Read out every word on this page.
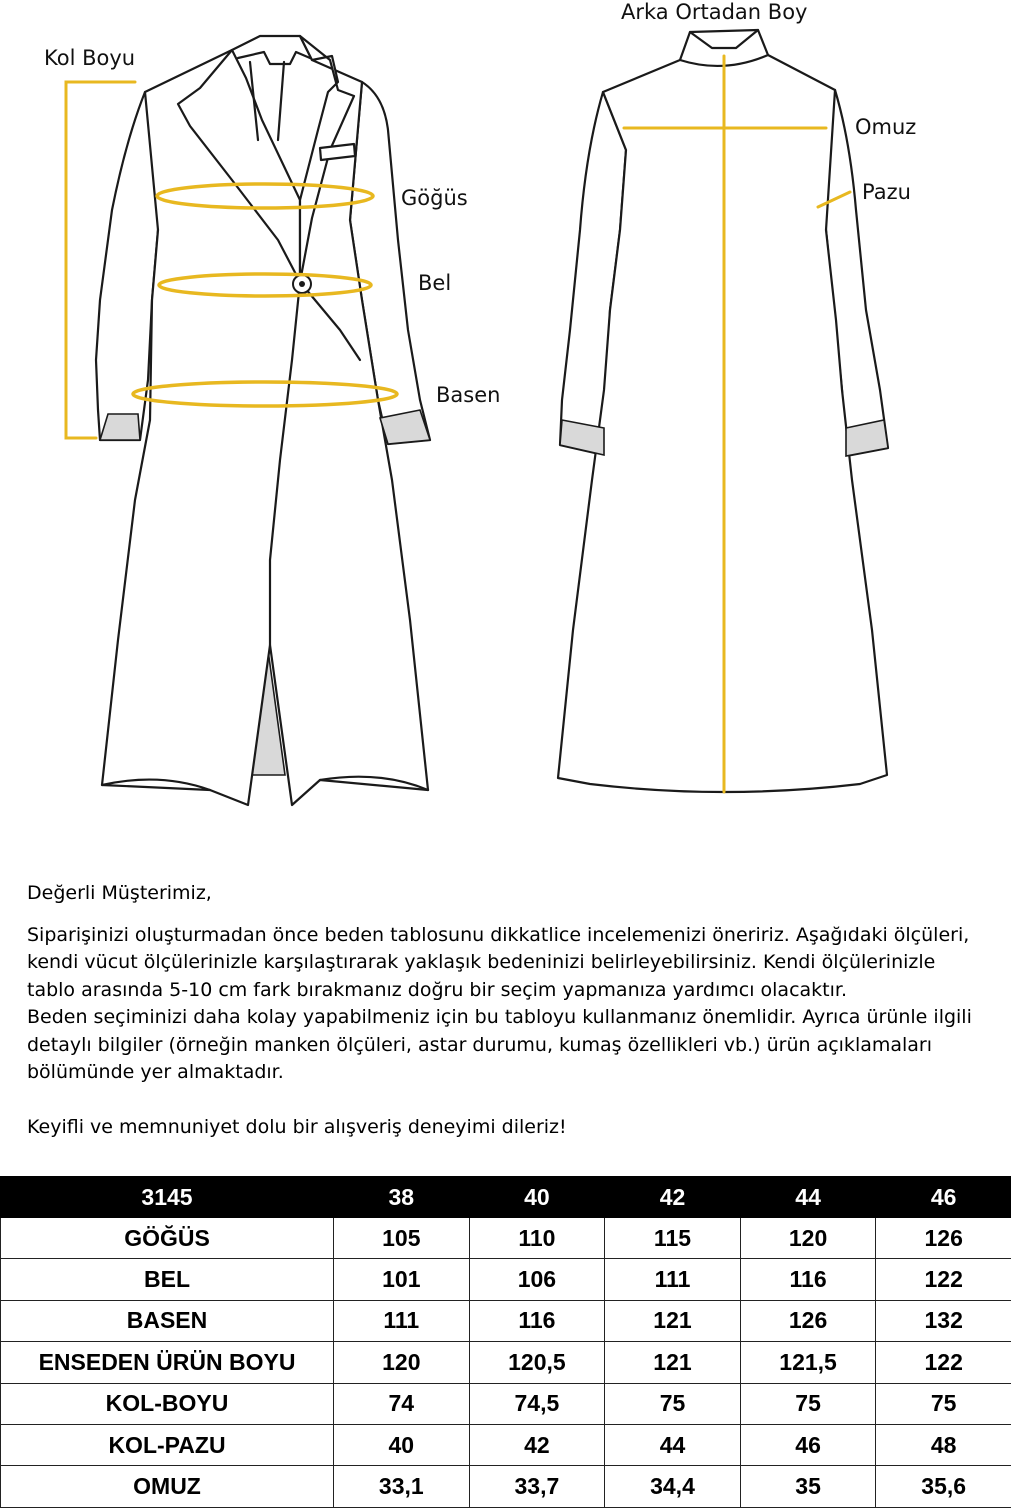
Kol Boyu
Göğüs
Bel
Basen
Arka Ortadan Boy
Omuz
Pazu

Değerli Müşterimiz,

Siparişinizi oluşturmadan önce beden tablosunu dikkatlice incelemenizi öneririz. Aşağıdaki ölçüleri, kendi vücut ölçülerinizle karşılaştırarak yaklaşık bedeninizi belirleyebilirsiniz. Kendi ölçülerinizle tablo arasında 5-10 cm fark bırakmanız doğru bir seçim yapmanıza yardımcı olacaktır.

Beden seçiminizi daha kolay yapabilmeniz için bu tabloyu kullanmanız önemlidir. Ayrıca ürünle ilgili detaylı bilgiler (örneğin manken ölçüleri, astar durumu, kumaş özellikleri vb.) ürün açıklamaları bölümünde yer almaktadır.

Keyifli ve memnuniyet dolu bir alışveriş deneyimi dileriz!

3145	38	40	42	44	46
GÖĞÜS	105	110	115	120	126
BEL	101	106	111	116	122
BASEN	111	116	121	126	132
ENSEDEN ÜRÜN BOYU	120	120,5	121	121,5	122
KOL-BOYU	74	74,5	75	75	75
KOL-PAZU	40	42	44	46	48
OMUZ	33,1	33,7	34,4	35	35,6
